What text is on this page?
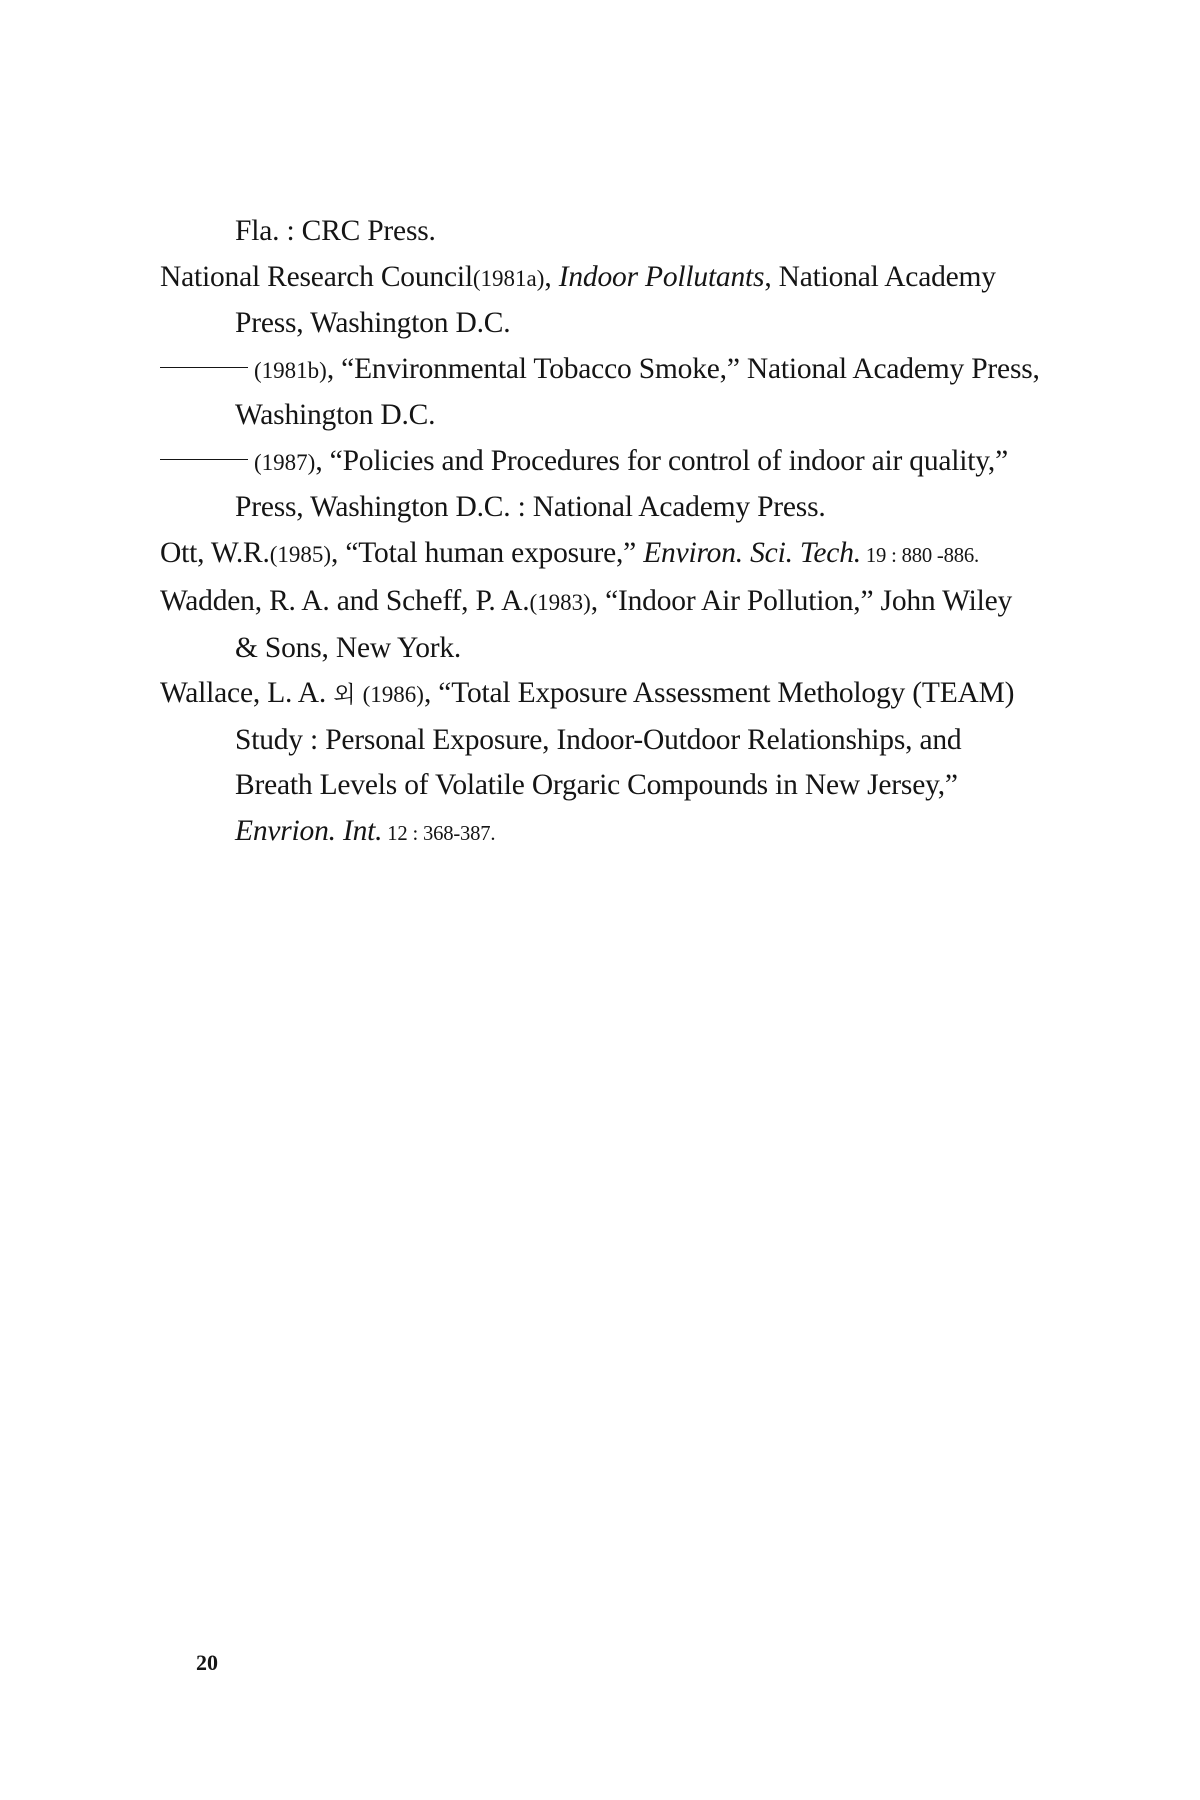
Fla. : CRC Press.

National Research Council(1981a), Indoor Pollutants, National Academy Press, Washington D.C.

(1981b), “Environmental Tobacco Smoke,” National Academy Press, Washington D.C.

(1987), “Policies and Procedures for control of indoor air quality,” Press, Washington D.C. : National Academy Press.

Ott, W.R.(1985), “Total human exposure,” Environ. Sci. Tech. 19 : 880 -886.

Wadden, R. A. and Scheff, P. A.(1983), “Indoor Air Pollution,” John Wiley & Sons, New York.

Wallace, L. A. 외 (1986), “Total Exposure Assessment Methology (TEAM) Study : Personal Exposure, Indoor-Outdoor Relationships, and Breath Levels of Volatile Orgaric Compounds in New Jersey,” Envrion. Int. 12 : 368-387.

20
